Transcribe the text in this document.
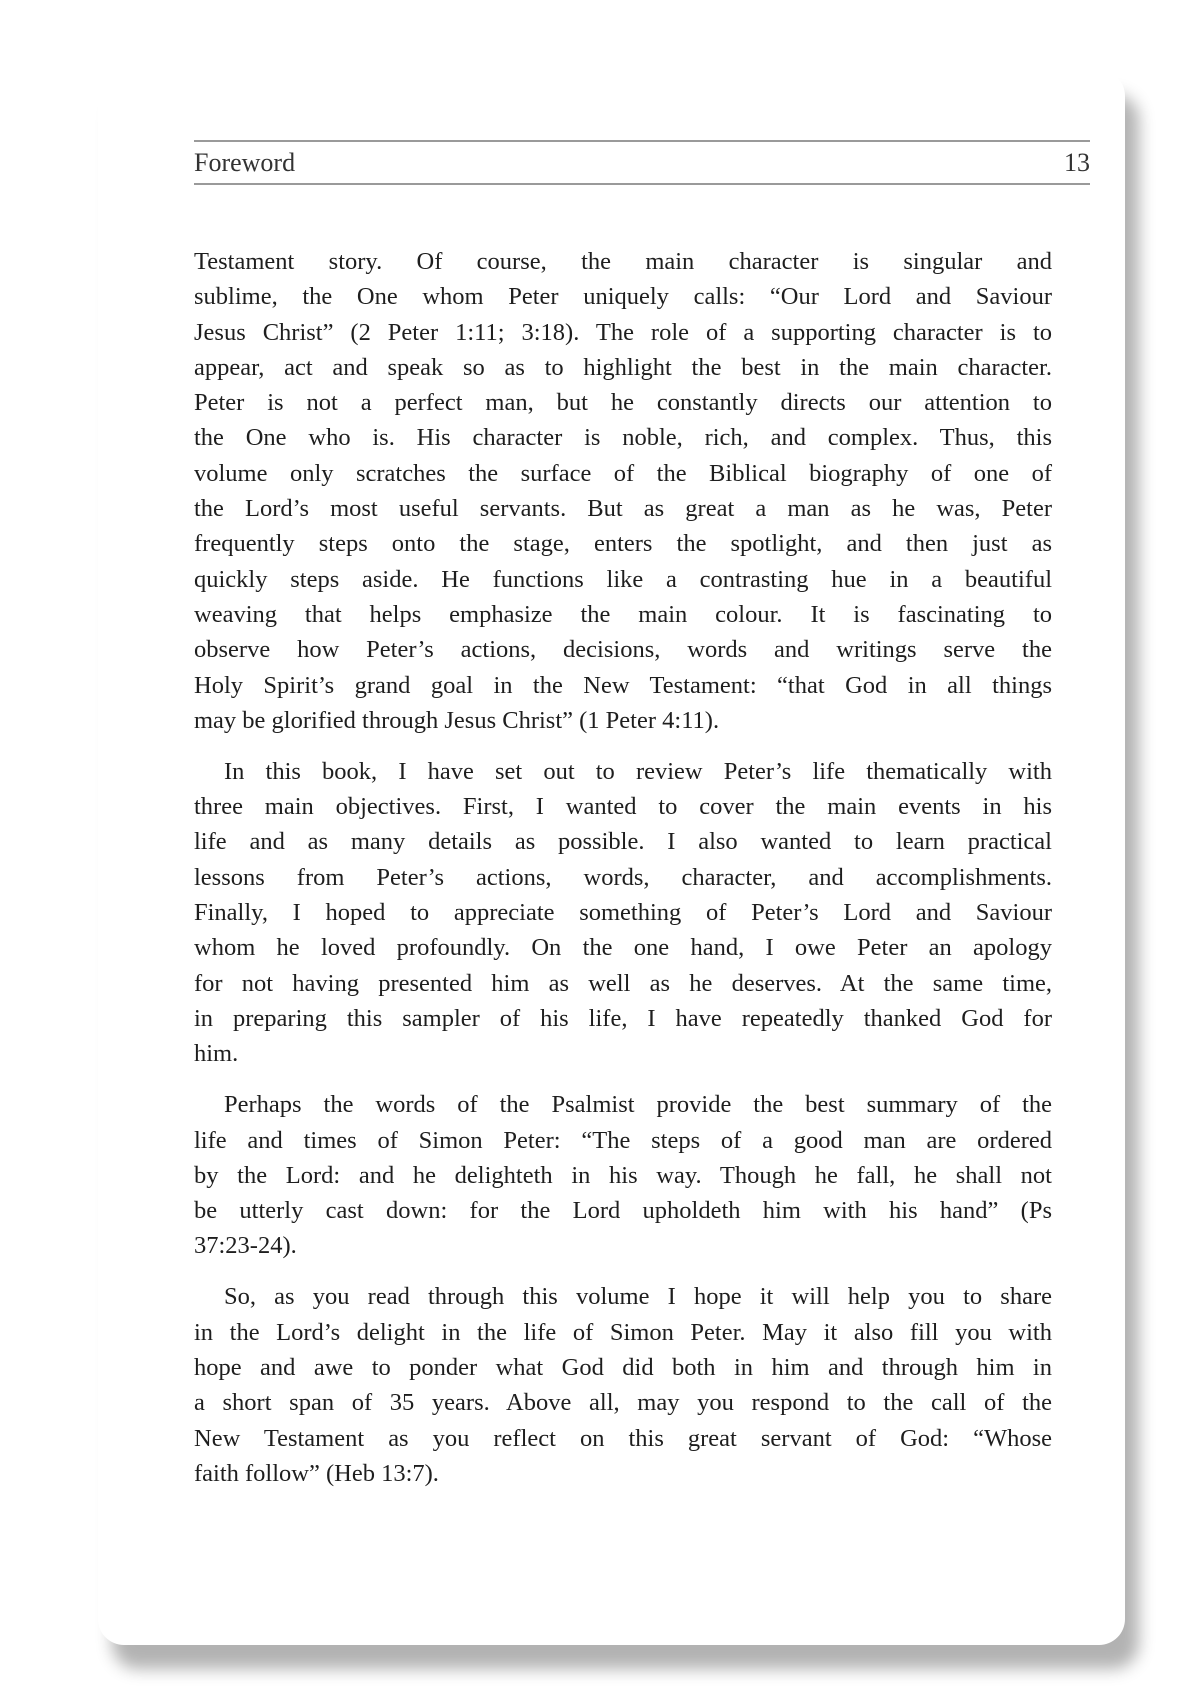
Foreword	13
Testament story. Of course, the main character is singular and
sublime, the One whom Peter uniquely calls: “Our Lord and Saviour
Jesus Christ” (2 Peter 1:11; 3:18). The role of a supporting character is to
appear, act and speak so as to highlight the best in the main character.
Peter is not a perfect man, but he constantly directs our attention to
the One who is. His character is noble, rich, and complex. Thus, this
volume only scratches the surface of the Biblical biography of one of
the Lord’s most useful servants. But as great a man as he was, Peter
frequently steps onto the stage, enters the spotlight, and then just as
quickly steps aside. He functions like a contrasting hue in a beautiful
weaving that helps emphasize the main colour. It is fascinating to
observe how Peter’s actions, decisions, words and writings serve the
Holy Spirit’s grand goal in the New Testament: “that God in all things
may be glorified through Jesus Christ” (1 Peter 4:11).
In this book, I have set out to review Peter’s life thematically with
three main objectives. First, I wanted to cover the main events in his
life and as many details as possible. I also wanted to learn practical
lessons from Peter’s actions, words, character, and accomplishments.
Finally, I hoped to appreciate something of Peter’s Lord and Saviour
whom he loved profoundly. On the one hand, I owe Peter an apology
for not having presented him as well as he deserves. At the same time,
in preparing this sampler of his life, I have repeatedly thanked God for
him.
Perhaps the words of the Psalmist provide the best summary of the
life and times of Simon Peter: “The steps of a good man are ordered
by the Lord: and he delighteth in his way. Though he fall, he shall not
be utterly cast down: for the Lord upholdeth him with his hand” (Ps
37:23-24).
So, as you read through this volume I hope it will help you to share
in the Lord’s delight in the life of Simon Peter. May it also fill you with
hope and awe to ponder what God did both in him and through him in
a short span of 35 years. Above all, may you respond to the call of the
New Testament as you reflect on this great servant of God: “Whose
faith follow” (Heb 13:7).
